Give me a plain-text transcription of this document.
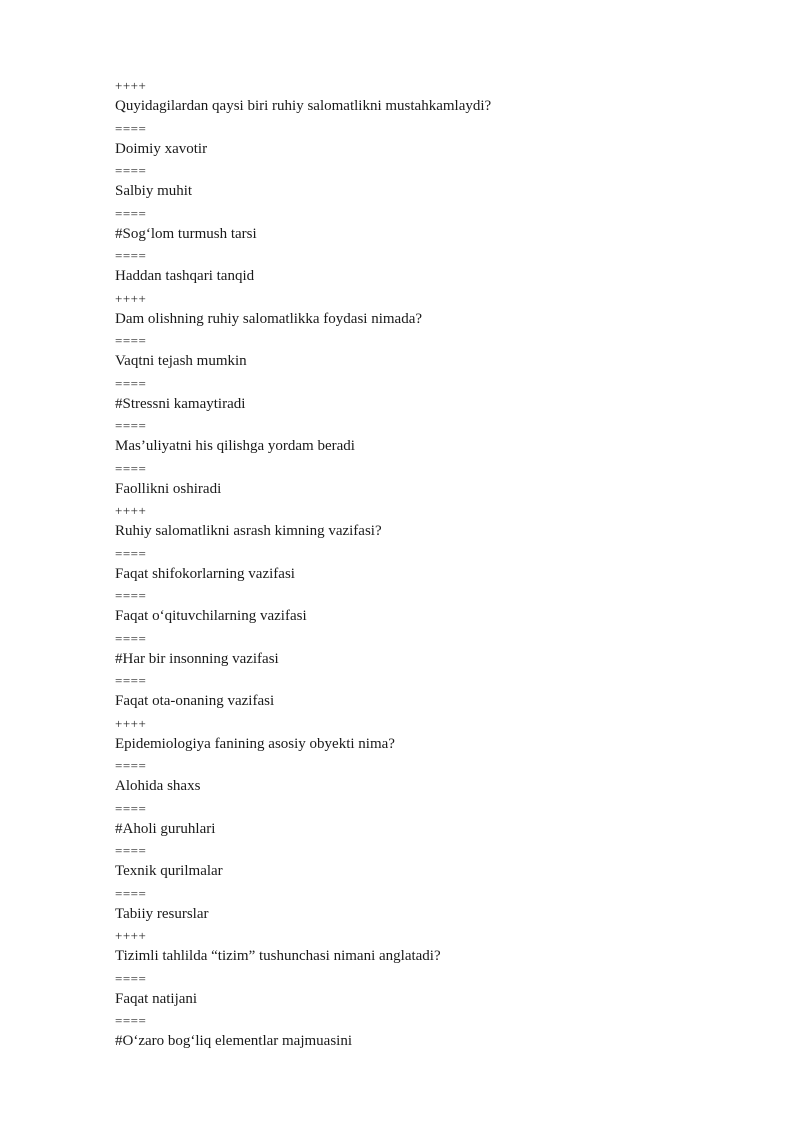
++++
Quyidagilardan qaysi biri ruhiy salomatlikni mustahkamlaydi?
====
Doimiy xavotir
====
Salbiy muhit
====
#Sog‘lom turmush tarsi
====
Haddan tashqari tanqid
++++
Dam olishning ruhiy salomatlikka foydasi nimada?
====
Vaqtni tejash mumkin
====
#Stressni kamaytiradi
====
Mas’uliyatni his qilishga yordam beradi
====
Faollikni oshiradi
++++
Ruhiy salomatlikni asrash kimning vazifasi?
====
Faqat shifokorlarning vazifasi
====
Faqat o‘qituvchilarning vazifasi
====
#Har bir insonning vazifasi
====
Faqat ota-onaning vazifasi
++++
Epidemiologiya fanining asosiy obyekti nima?
====
Alohida shaxs
====
#Aholi guruhlari
====
Texnik qurilmalar
====
Tabiiy resurslar
++++
Tizimli tahlilda “tizim” tushunchasi nimani anglatadi?
====
Faqat natijani
====
#O‘zaro bog‘liq elementlar majmuasini
